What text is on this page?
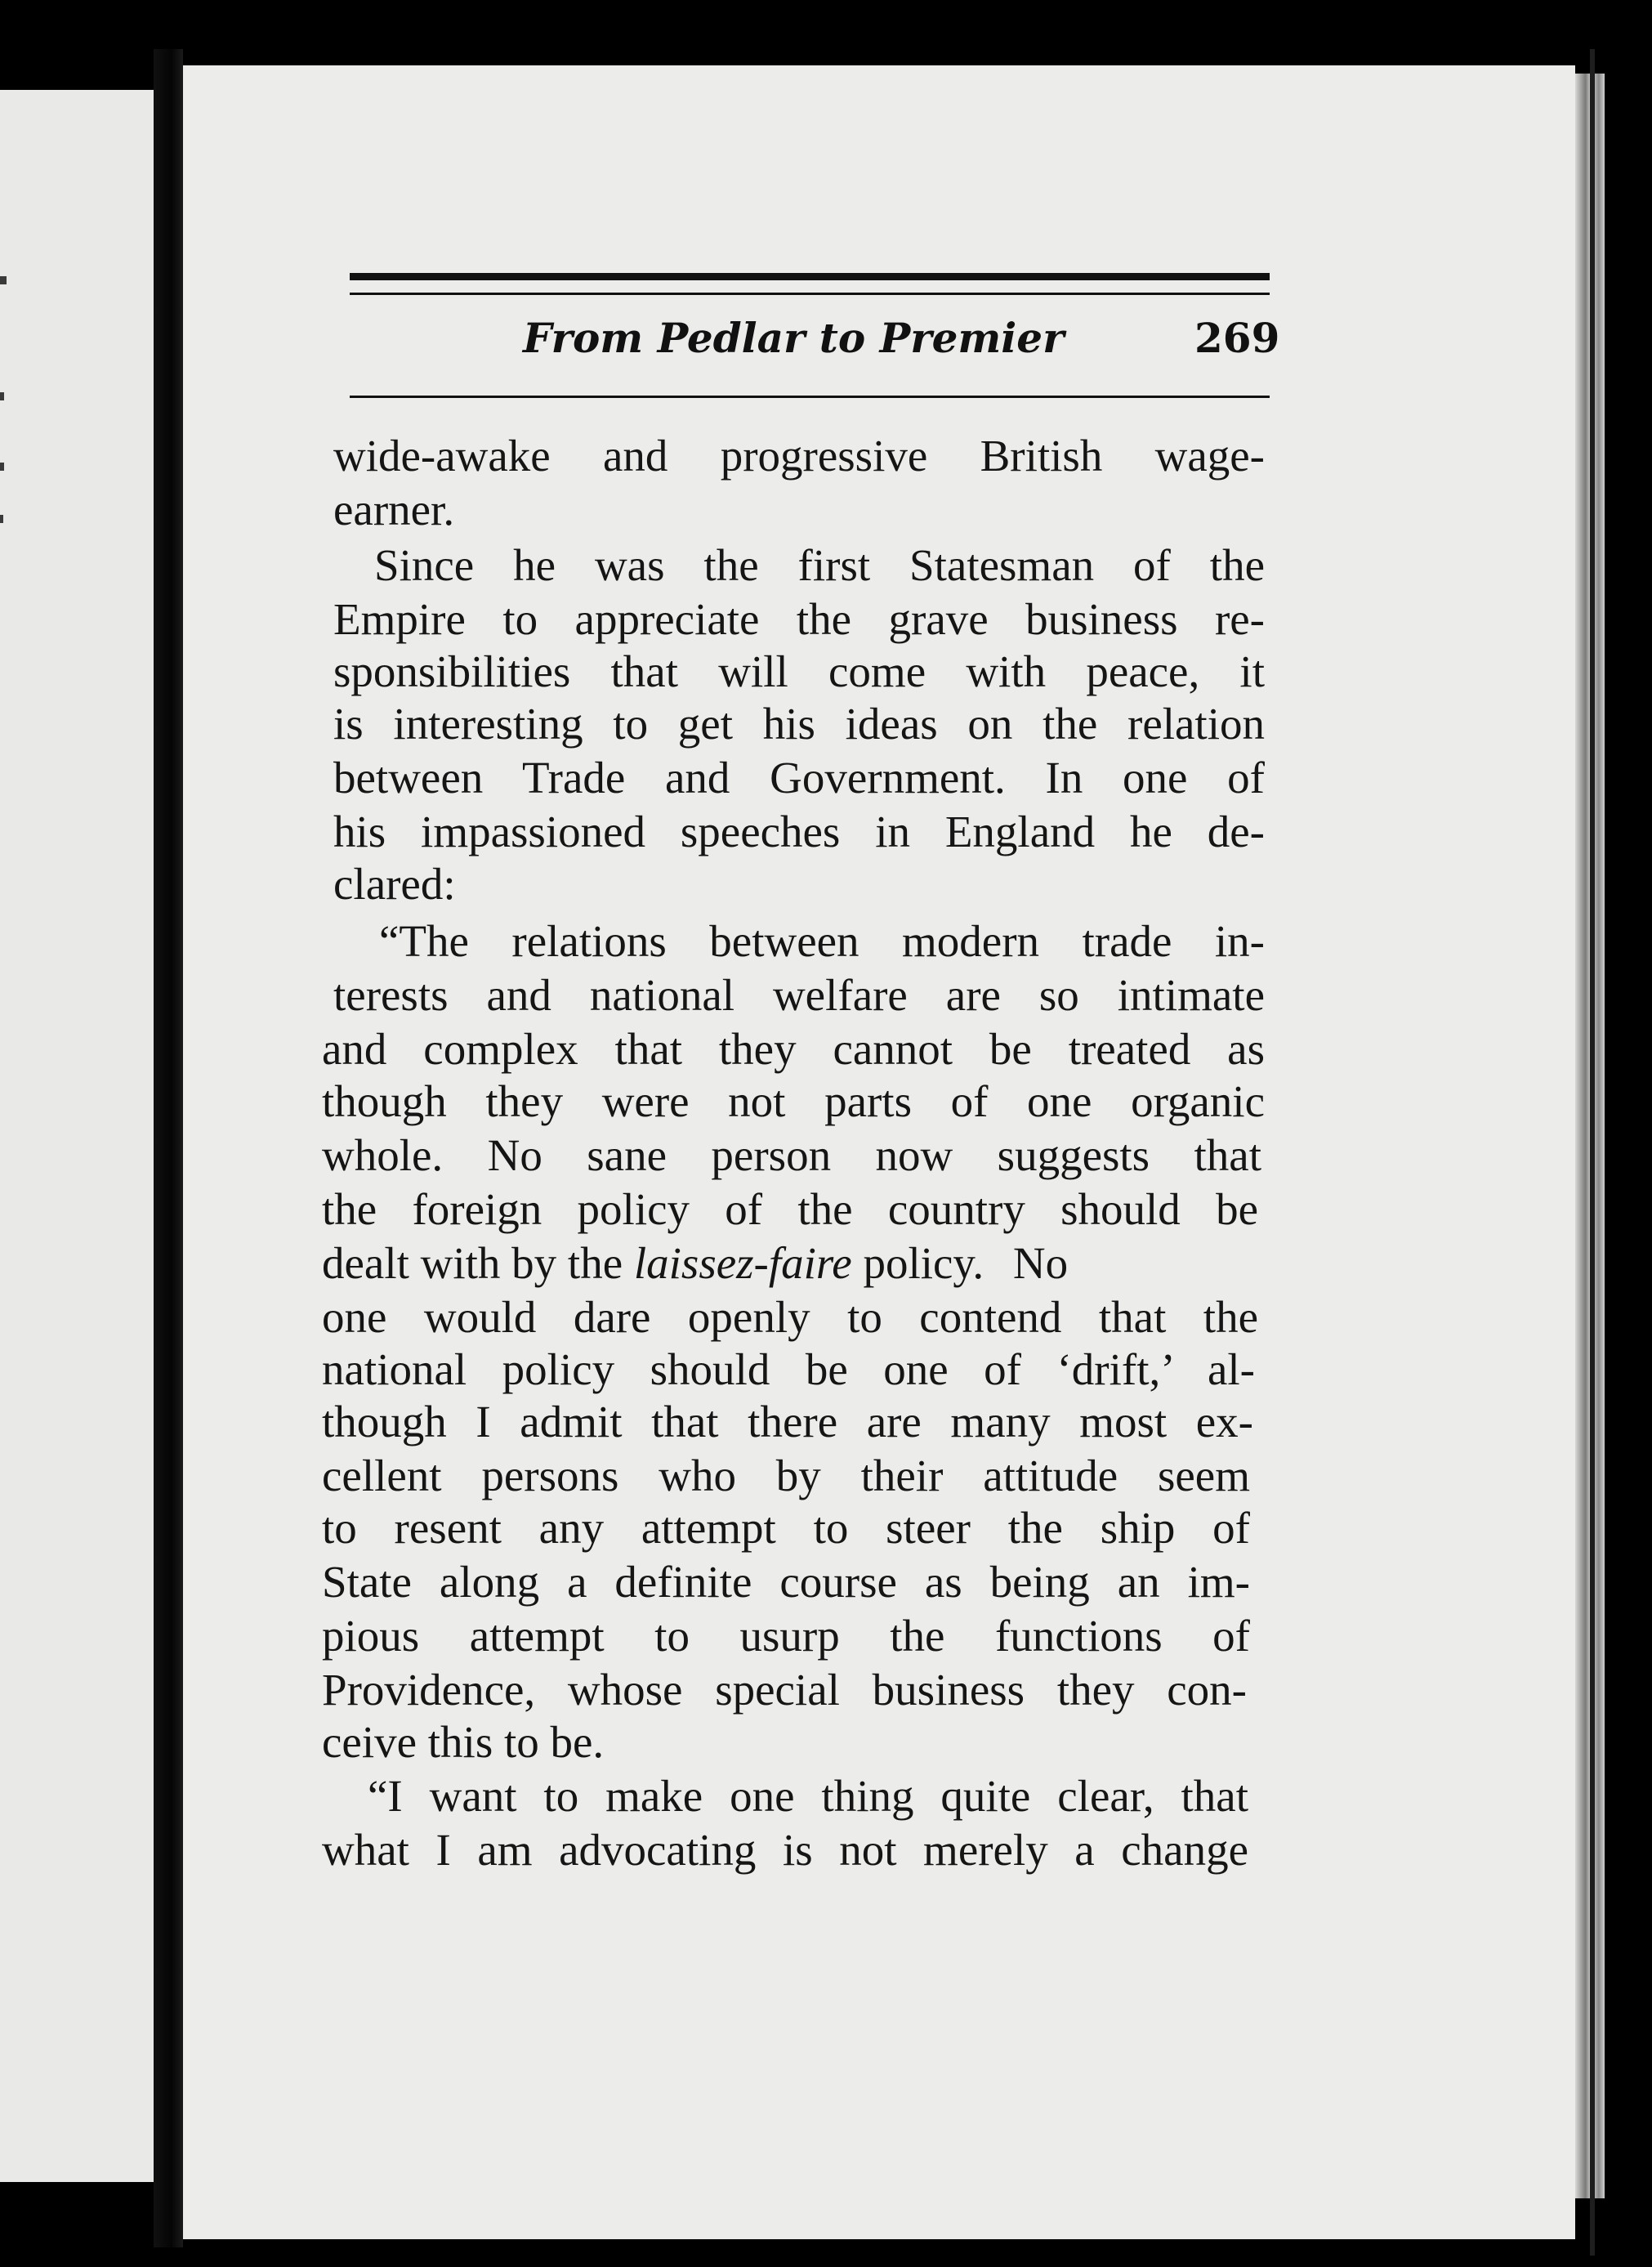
From Pedlar to Premier	269
wide-awake and progressive British wage-
earner.
Since he was the first Statesman of the
Empire to appreciate the grave business re-
sponsibilities that will come with peace, it
is interesting to get his ideas on the relation
between Trade and Government. In one of
his impassioned speeches in England he de-
clared:
“The relations between modern trade in-
terests and national welfare are so intimate
and complex that they cannot be treated as
though they were not parts of one organic
whole. No sane person now suggests that
the foreign policy of the country should be
dealt with by the laissez-faire policy. No
one would dare openly to contend that the
national policy should be one of ‘drift,’ al-
though I admit that there are many most ex-
cellent persons who by their attitude seem
to resent any attempt to steer the ship of
State along a definite course as being an im-
pious attempt to usurp the functions of
Providence, whose special business they con-
ceive this to be.
“I want to make one thing quite clear, that
what I am advocating is not merely a change
